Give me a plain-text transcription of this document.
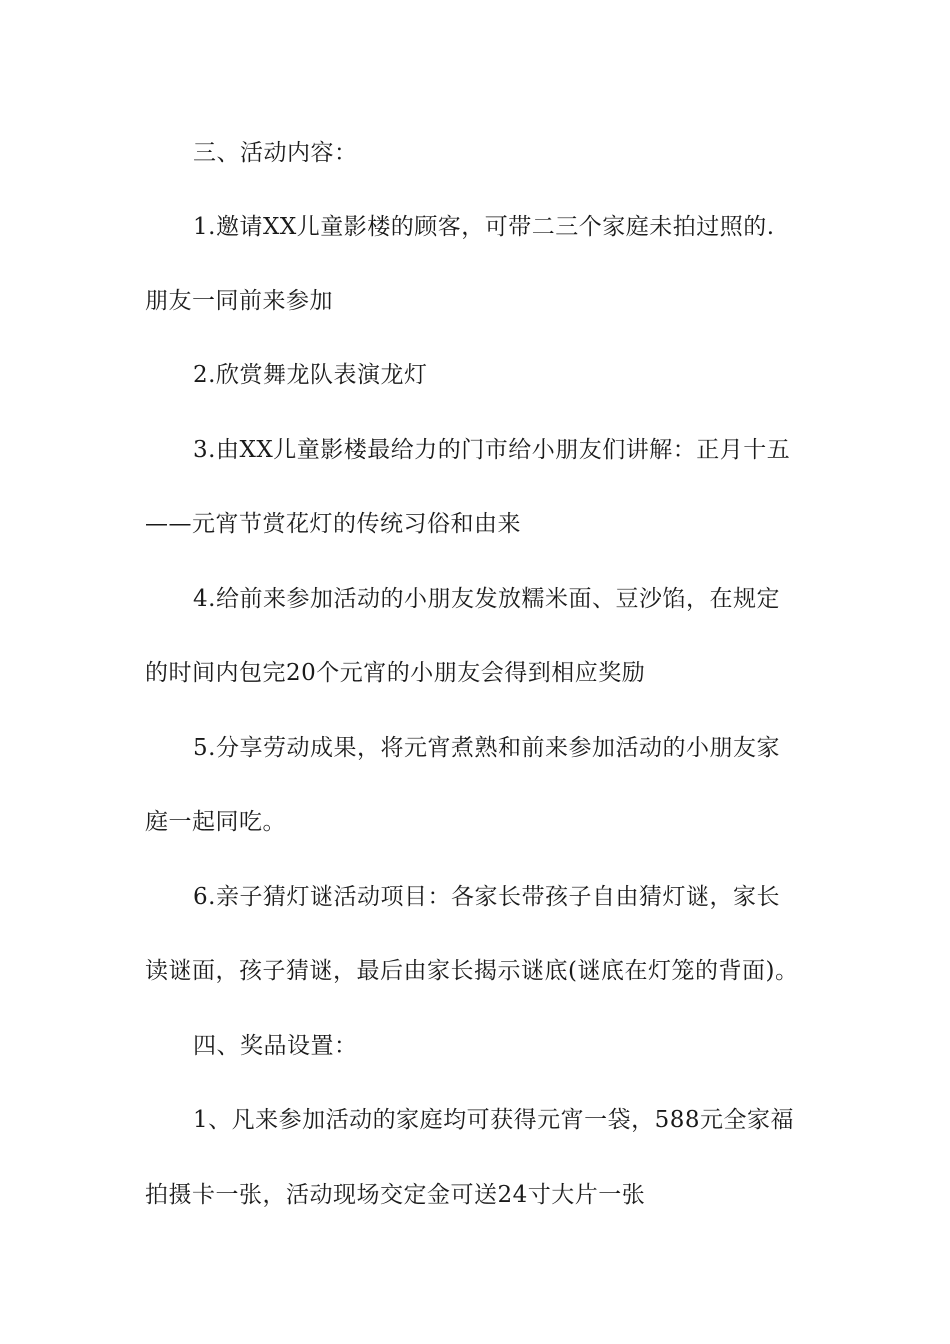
三、活动内容：
1.邀请XX儿童影楼的顾客，可带二三个家庭未拍过照的.
朋友一同前来参加
2.欣赏舞龙队表演龙灯
3.由XX儿童影楼最给力的门市给小朋友们讲解：正月十五
——元宵节赏花灯的传统习俗和由来
4.给前来参加活动的小朋友发放糯米面、豆沙馅，在规定
的时间内包完20个元宵的小朋友会得到相应奖励
5.分享劳动成果，将元宵煮熟和前来参加活动的小朋友家
庭一起同吃。
6.亲子猜灯谜活动项目：各家长带孩子自由猜灯谜，家长
读谜面，孩子猜谜，最后由家长揭示谜底(谜底在灯笼的背面)。
四、奖品设置：
1、凡来参加活动的家庭均可获得元宵一袋，588元全家福
拍摄卡一张，活动现场交定金可送24寸大片一张
